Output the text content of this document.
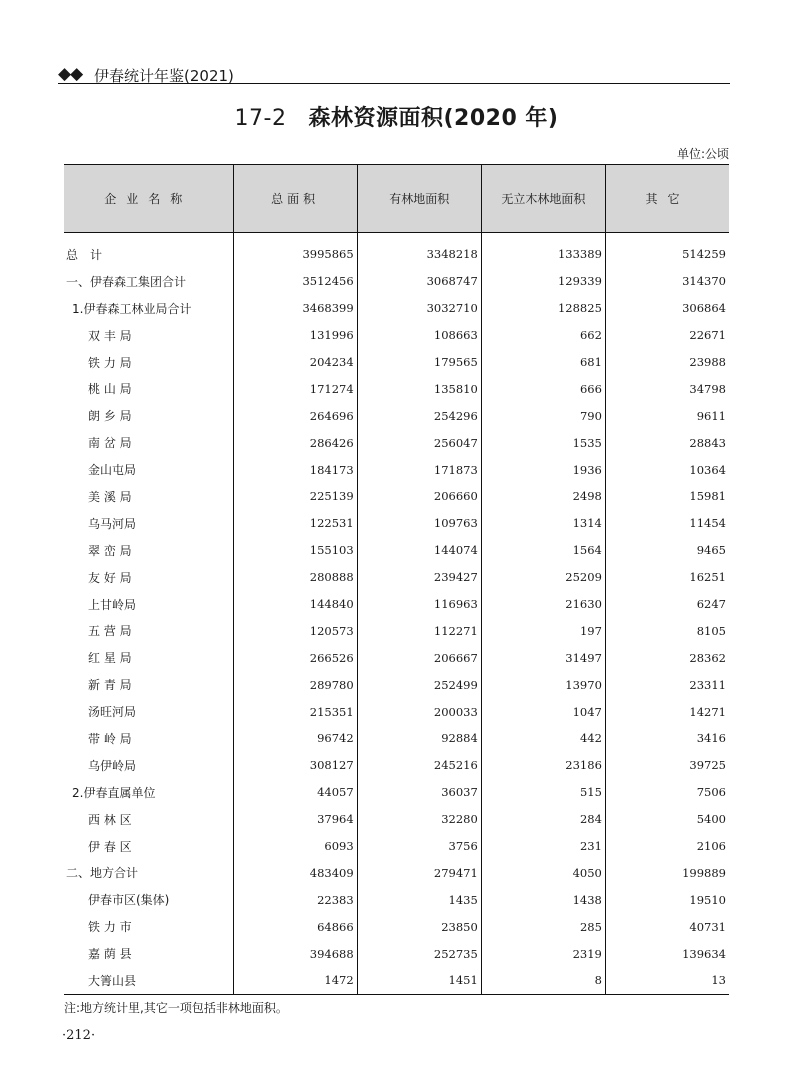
◆◆ 伊春统计年鉴(2021)
17-2 森林资源面积(2020 年)
单位:公顷
企业名称	总面积	有林地面积	无立木林地面积	其它
总　计	3995865	3348218	133389	514259
一、伊春森工集团合计	3512456	3068747	129339	314370
1.伊春森工林业局合计	3468399	3032710	128825	306864
双 丰 局	131996	108663	662	22671
铁 力 局	204234	179565	681	23988
桃 山 局	171274	135810	666	34798
朗 乡 局	264696	254296	790	9611
南 岔 局	286426	256047	1535	28843
金山屯局	184173	171873	1936	10364
美 溪 局	225139	206660	2498	15981
乌马河局	122531	109763	1314	11454
翠 峦 局	155103	144074	1564	9465
友 好 局	280888	239427	25209	16251
上甘岭局	144840	116963	21630	6247
五 营 局	120573	112271	197	8105
红 星 局	266526	206667	31497	28362
新 青 局	289780	252499	13970	23311
汤旺河局	215351	200033	1047	14271
带 岭 局	96742	92884	442	3416
乌伊岭局	308127	245216	23186	39725
2.伊春直属单位	44057	36037	515	7506
西 林 区	37964	32280	284	5400
伊 春 区	6093	3756	231	2106
二、地方合计	483409	279471	4050	199889
伊春市区(集体)	22383	1435	1438	19510
铁 力 市	64866	23850	285	40731
嘉 荫 县	394688	252735	2319	139634
大箐山县	1472	1451	8	13
注:地方统计里,其它一项包括非林地面积。
·212·
